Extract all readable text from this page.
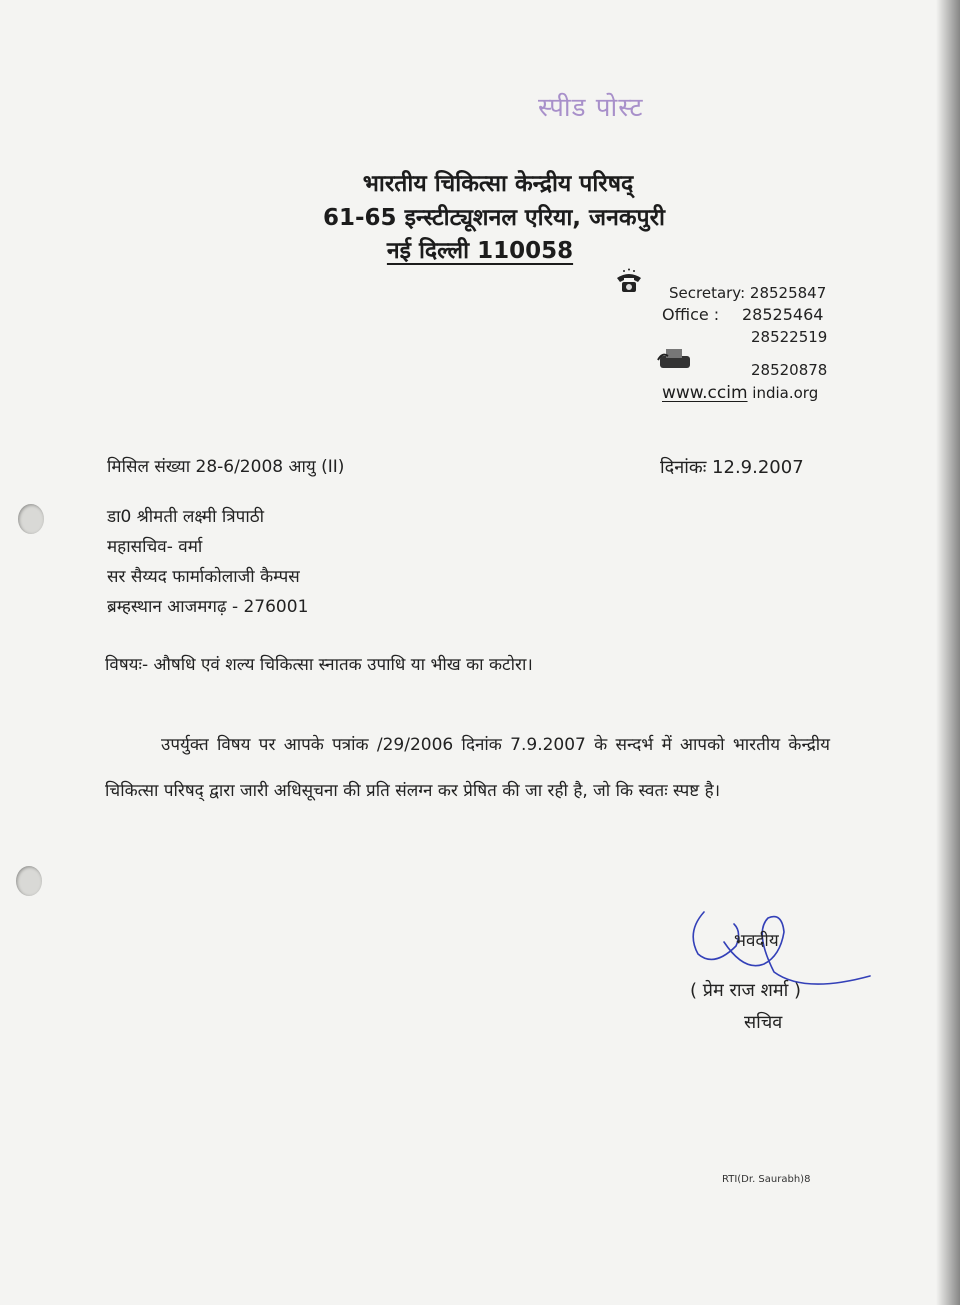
स्पीड पोस्ट
भारतीय चिकित्सा केन्द्रीय परिषद्
61-65 इन्स्टीट्यूशनल एरिया, जनकपुरी
नई दिल्ली 110058
Secretary: 28525847
Office : 28525464
28522519
28520878
www.ccim india.org
मिसिल संख्या 28-6/2008 आयु (II)	दिनांकः 12.9.2007
डा0 श्रीमती लक्ष्मी त्रिपाठी
महासचिव- वर्मा
सर सैय्यद फार्माकोलाजी कैम्पस
ब्रम्हस्थान आजमगढ़ - 276001
विषयः- औषधि एवं शल्य चिकित्सा स्नातक उपाधि या भीख का कटोरा।

उपर्युक्त विषय पर आपके पत्रांक /29/2006 दिनांक 7.9.2007 के सन्दर्भ में आपको भारतीय केन्द्रीय चिकित्सा परिषद् द्वारा जारी अधिसूचना की प्रति संलग्न कर प्रेषित की जा रही है, जो कि स्वतः स्पष्ट है।

भवदीय
( प्रेम राज शर्मा )
सचिव
RTI(Dr. Saurabh)8
